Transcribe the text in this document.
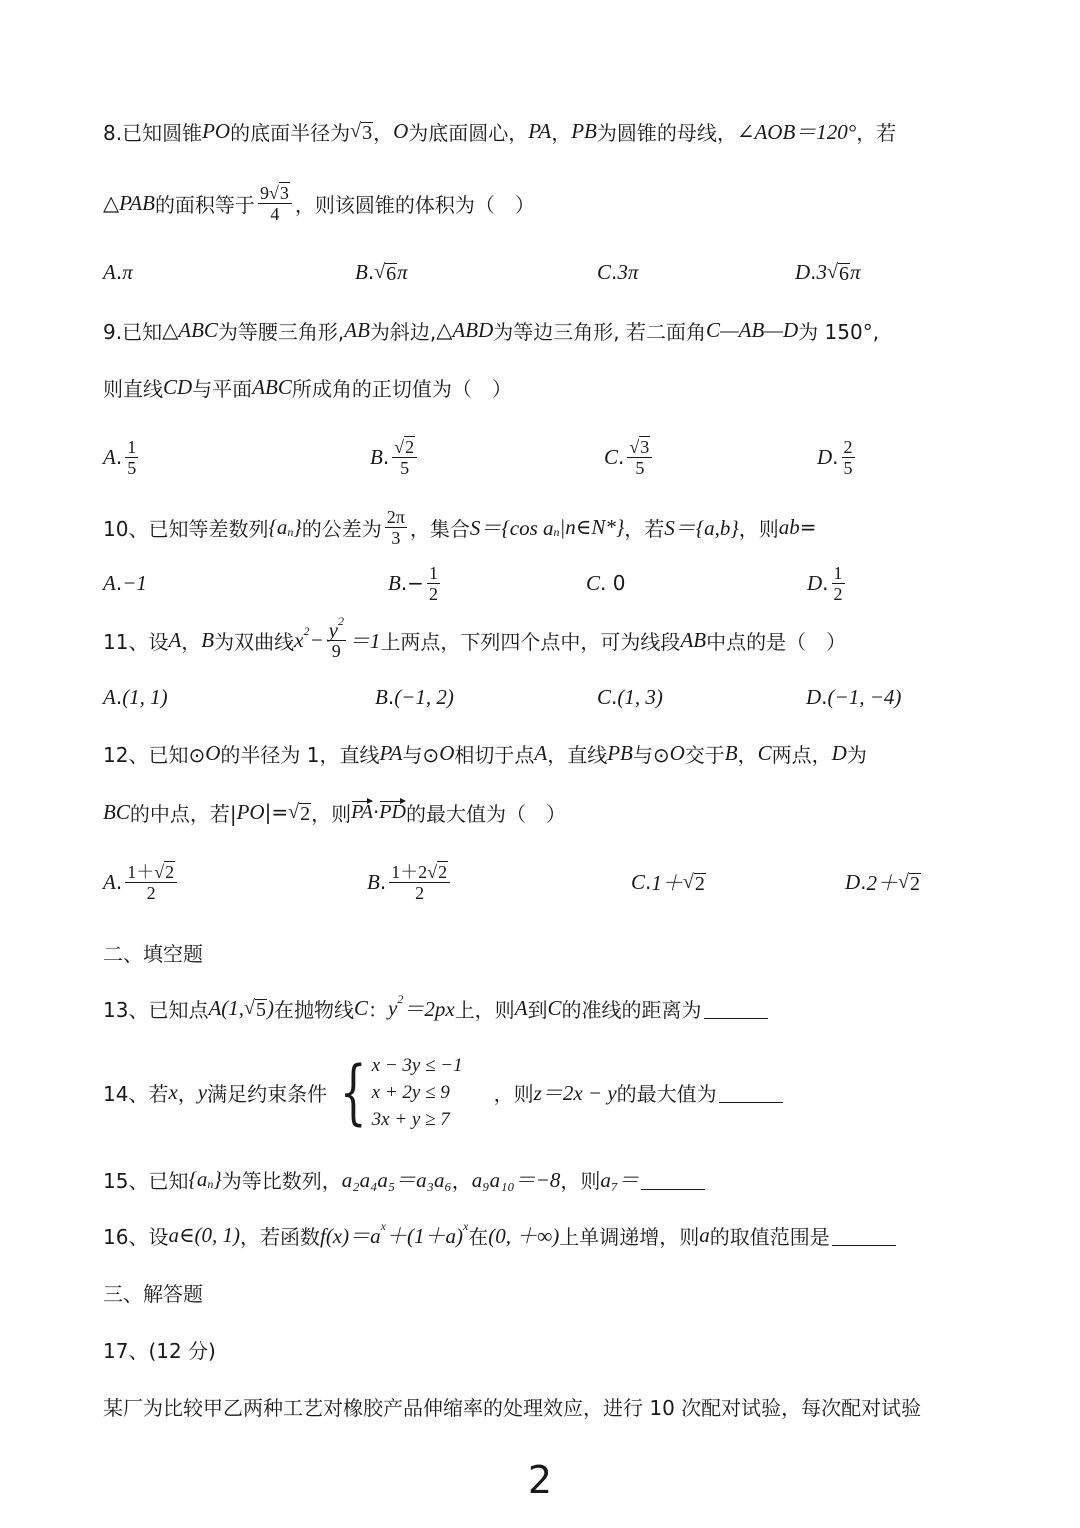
8.已知圆锥 PO 的底面半径为 √ 3 ， O 为底面圆心， PA ， PB 为圆锥的母线， ∠AOB＝120° ，若
△PAB 的面积等于 $\frac{9 √ 3}{4}$ ，则该圆锥的体积为（　）
A . π	B . √ 6 π	C . 3π	D . 3 √ 6 π
9.已知 △ABC 为等腰三角形, AB 为斜边, △ABD 为等边三角形, 若二面角 C—AB—D 为 150°,
则直线 CD 与平面 ABC 所成角的正切值为（　）
A . $\frac{1}{5}$	B . $\frac{√ 2}{5}$	C . $\frac{√ 3}{5}$	D . $\frac{2}{5}$
10、已知等差数列 {a n } 的公差为 $\frac{2\pi}{3}$ ，集合 S＝{cos a n |n∈N*} ，若 S＝{a,b} ，则 ab =
A . −1	B .− $\frac{1}{2}$	C . 0	D . $\frac{1}{2}$
11、设 A ， B 为双曲线 x $2 - \frac{y 2}{9} =1$ 上两点，下列四个点中，可为线段 AB 中点的是（　）
A . (1, 1)	B . (−1, 2)	C . (1, 3)	D . (−1, −4)
12、已知⊙ O 的半径为 1，直线 PA 与⊙ O 相切于点 A ，直线 PB 与⊙ O 交于 B ， C 两点， D 为
BC 的中点，若| PO |= √ 2 ，则 PA · PD 的最大值为（　）
A . $\frac{1+ √ 2}{2}$	B . $\frac{1+2 √ 2}{2}$	C . 1＋ √ 2	D . 2＋ √ 2
二、填空题
13、已知点 A(1, √ 5 ) 在抛物线 C ： y 2 ＝2px 上，则 A 到 C 的准线的距离为
14、若 x ， y 满足约束条件 { x − 3y ≤ −1
x + 2y ≤ 9
3x + y ≥ 7
，则 z＝2x − y 的最大值为
15、已知 {a n } 为等比数列， a₂a₄a₅＝a₃a₆ ， a₉a₁₀＝−8 ，则 a₇＝
16、设 a∈(0, 1) ，若函数 f(x)＝a x ＋(1＋a) x 在 (0, ＋∞) 上单调递增，则 a 的取值范围是
三、解答题
17、(12 分)
某厂为比较甲乙两种工艺对橡胶产品伸缩率的处理效应，进行 10 次配对试验，每次配对试验
2
